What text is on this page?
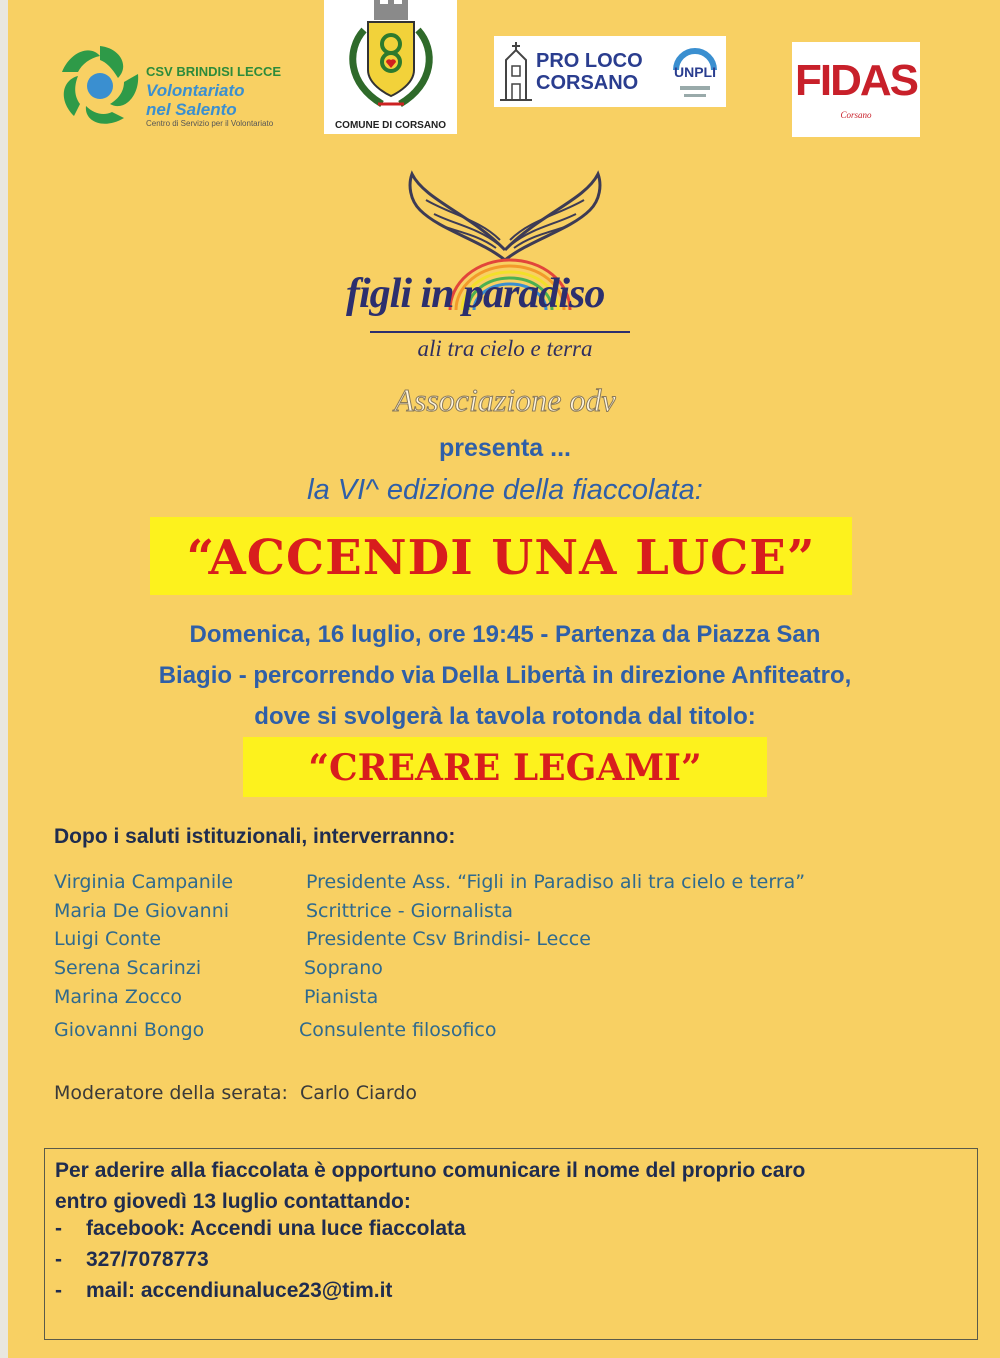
CSV BRINDISI LECCE
Volontariato
nel Salento
Centro di Servizio per il Volontariato	COMUNE DI CORSANO
PRO LOCO
CORSANO	UNPLI FIDAS
Corsano
figli in paradiso
ali tra cielo e terra
Associazione odv
presenta ...
la VI^ edizione della fiaccolata:
“ACCENDI UNA LUCE”
Domenica, 16 luglio, ore 19:45 - Partenza da Piazza San
Biagio - percorrendo via Della Libertà in direzione Anfiteatro,
dove si svolgerà la tavola rotonda dal titolo:
“CREARE LEGAMI”
Dopo i saluti istituzionali, interverranno:
Virginia Campanile	Presidente Ass. “Figli in Paradiso ali tra cielo e terra”
Maria De Giovanni	Scrittrice - Giornalista
Luigi Conte	Presidente Csv Brindisi- Lecce
Serena Scarinzi	Soprano
Marina Zocco	Pianista
Giovanni Bongo	Consulente filosofico
Moderatore della serata:  Carlo Ciardo
Per aderire alla fiaccolata è opportuno comunicare il nome del proprio caro
entro giovedì 13 luglio contattando:
- facebook: Accendi una luce fiaccolata
- 327/7078773
- mail: accendiunaluce23@tim.it
